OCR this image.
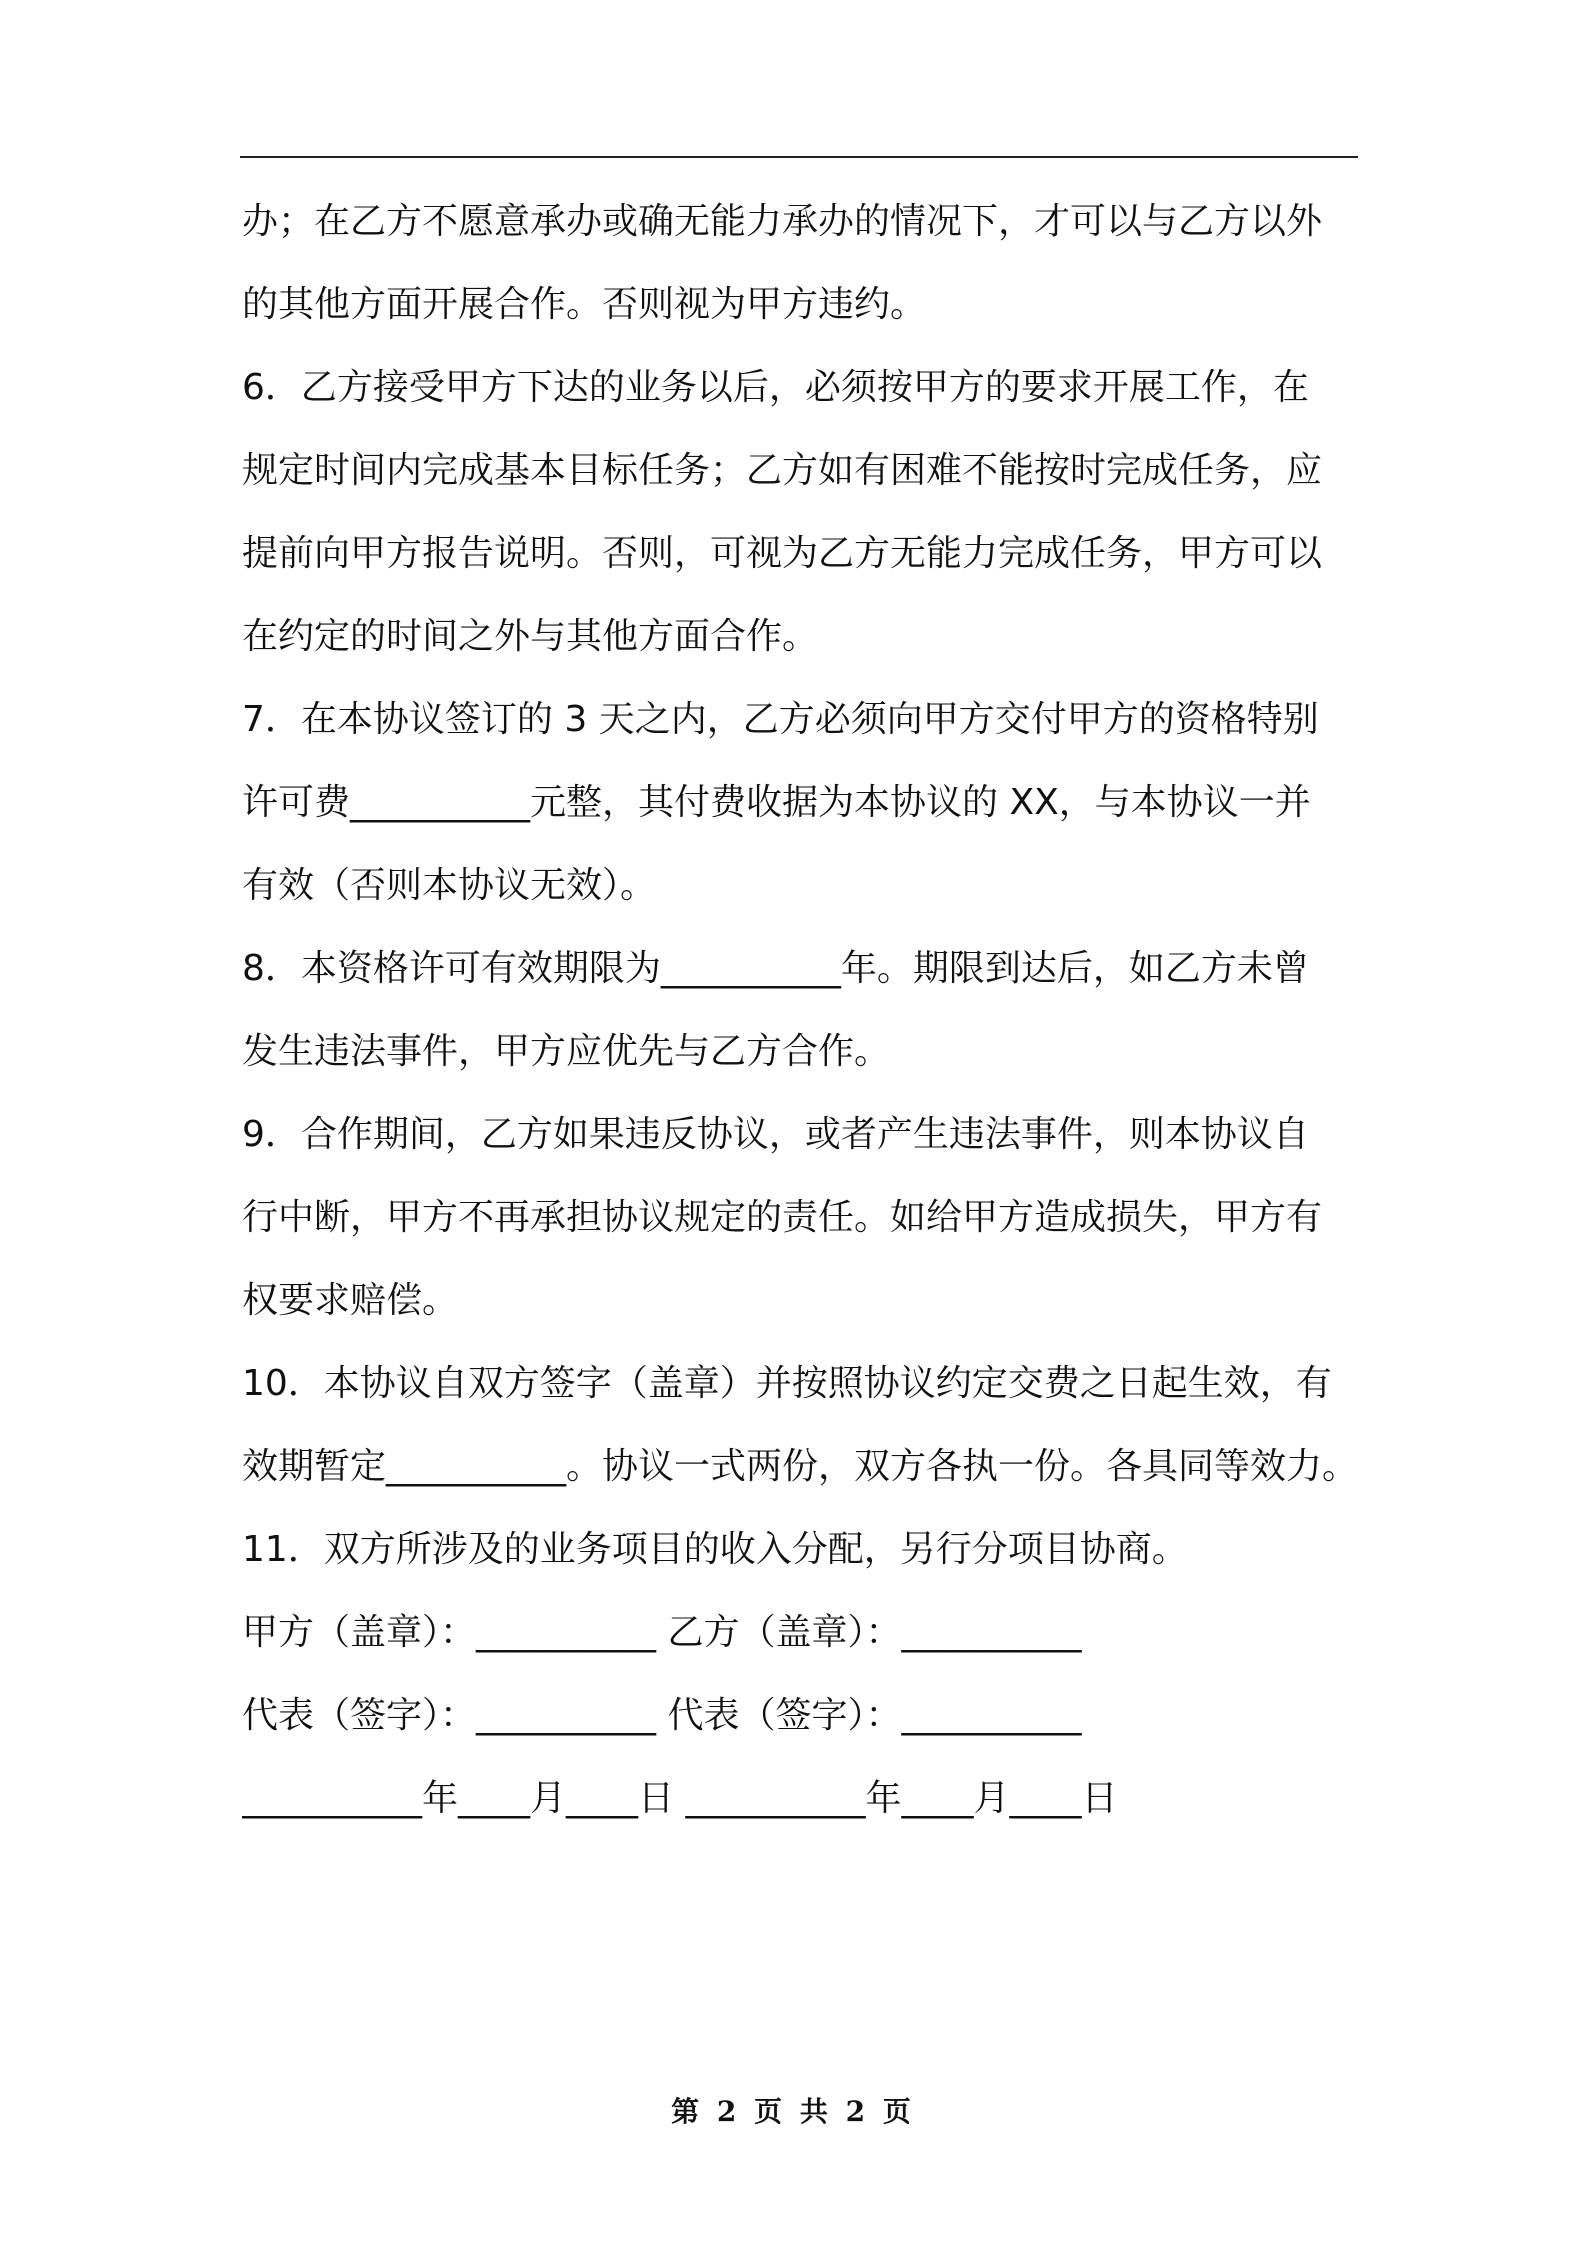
办；在乙方不愿意承办或确无能力承办的情况下，才可以与乙方以外
的其他方面开展合作。否则视为甲方违约。
6．乙方接受甲方下达的业务以后，必须按甲方的要求开展工作，在
规定时间内完成基本目标任务；乙方如有困难不能按时完成任务，应
提前向甲方报告说明。否则，可视为乙方无能力完成任务，甲方可以
在约定的时间之外与其他方面合作。
7．在本协议签订的 3 天之内，乙方必须向甲方交付甲方的资格特别
许可费__________元整，其付费收据为本协议的 XX，与本协议一并
有效（否则本协议无效）。
8．本资格许可有效期限为__________年。期限到达后，如乙方未曾
发生违法事件，甲方应优先与乙方合作。
9．合作期间，乙方如果违反协议，或者产生违法事件，则本协议自
行中断，甲方不再承担协议规定的责任。如给甲方造成损失，甲方有
权要求赔偿。
10．本协议自双方签字（盖章）并按照协议约定交费之日起生效，有
效期暂定__________。协议一式两份，双方各执一份。各具同等效力。
11．双方所涉及的业务项目的收入分配，另行分项目协商。
甲方（盖章）：__________ 乙方（盖章）：__________
代表（签字）：__________ 代表（签字）：__________
__________年____月____日 __________年____月____日
第 2 页 共 2 页
